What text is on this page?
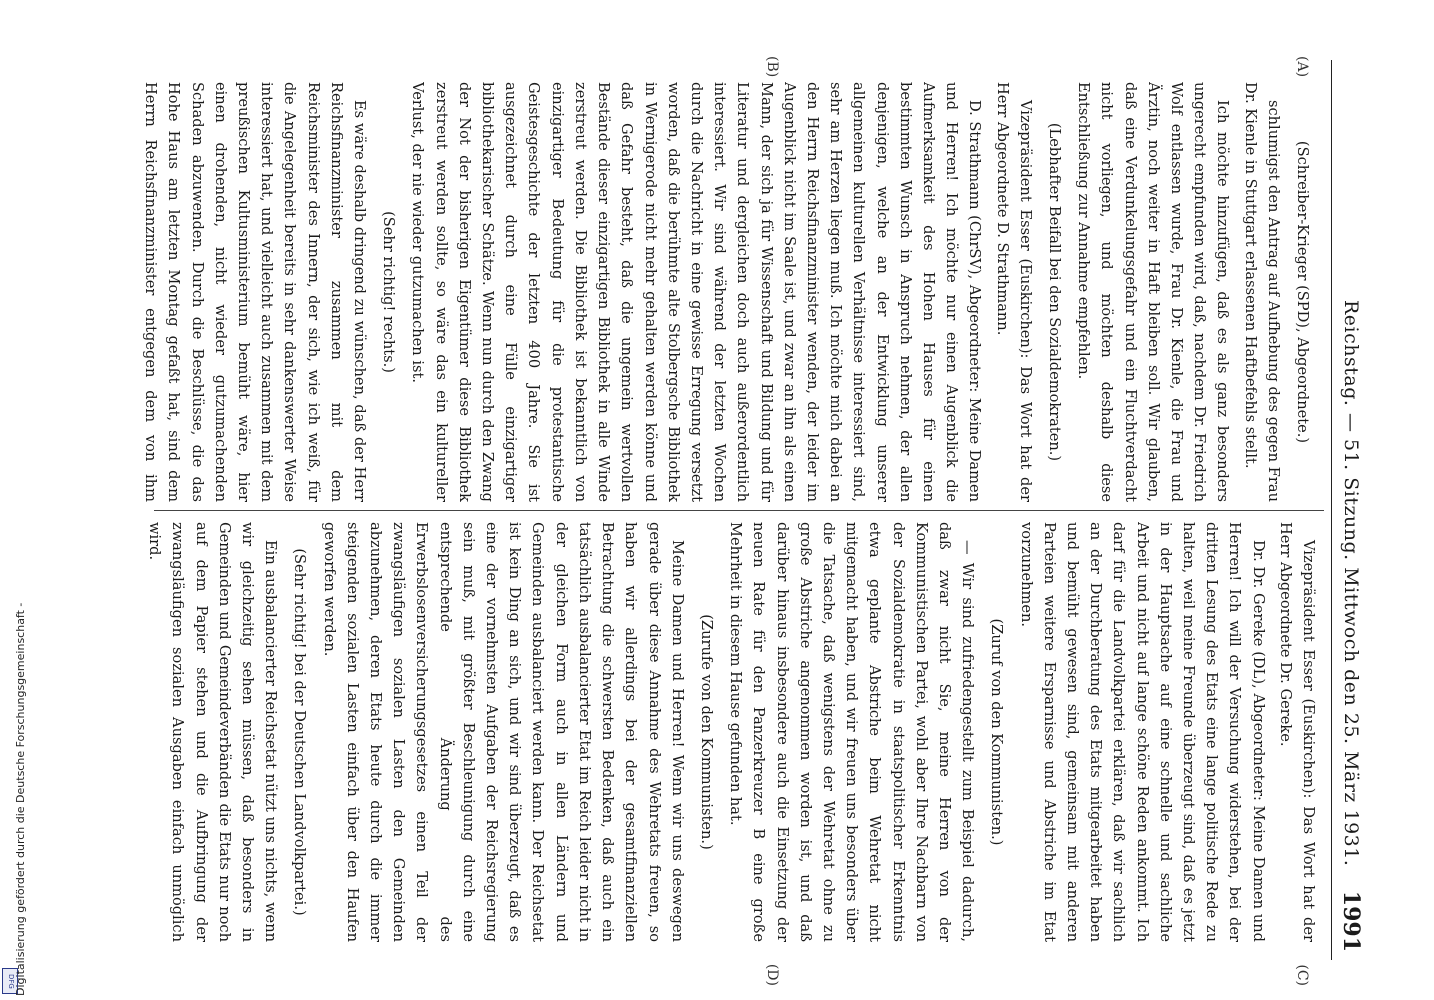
Reichstag. — 51. Sitzung. Mittwoch den 25. März 1931.
1991
(C)
(D)
(A)
(B)

Vizepräsident Esser (Euskirchen): Das Wort hat der Herr Abgeordnete Dr. Gereke.

Dr. Dr. Gereke (DL), Abgeordneter: Meine Damen und Herren! Ich will der Versuchung widerstehen, bei der dritten Lesung des Etats eine lange politische Rede zu halten, weil meine Freunde überzeugt sind, daß es jetzt in der Hauptsache auf eine schnelle und sachliche Arbeit und nicht auf lange schöne Reden ankommt. Ich darf für die Landvolkpartei erklären, daß wir sachlich an der Durchberatung des Etats mitgearbeitet haben und bemüht gewesen sind, gemeinsam mit anderen Parteien weitere Ersparnisse und Abstriche im Etat vorzunehmen.

(Zuruf von den Kommunisten.)

— Wir sind zufriedengestellt zum Beispiel dadurch, daß zwar nicht Sie, meine Herren von der Kommunistischen Partei, wohl aber Ihre Nachbarn von der Sozialdemokratie in staatspolitischer Erkenntnis etwa geplante Abstriche beim Wehretat nicht mitgemacht haben, und wir freuen uns besonders über die Tatsache, daß wenigstens der Wehretat ohne zu große Abstriche angenommen worden ist, und daß darüber hinaus insbesondere auch die Einsetzung der neuen Rate für den Panzerkreuzer B eine große Mehrheit in diesem Hause gefunden hat.

(Zurufe von den Kommunisten.)

Meine Damen und Herren! Wenn wir uns deswegen gerade über diese Annahme des Wehretats freuen, so haben wir allerdings bei der gesamtfinanziellen Betrachtung die schwersten Bedenken, daß auch ein tatsächlich ausbalancierter Etat im Reich leider nicht in der gleichen Form auch in allen Ländern und Gemeinden ausbalanciert werden kann. Der Reichsetat ist kein Ding an sich, und wir sind überzeugt, daß es eine der vornehmsten Aufgaben der Reichsregierung sein muß, mit größter Beschleunigung durch eine entsprechende Änderung des Erwerbslosenversicherungsgesetzes einen Teil der zwangsläufigen sozialen Lasten den Gemeinden abzunehmen, deren Etats heute durch die immer steigenden sozialen Lasten einfach über den Haufen geworfen werden.

(Sehr richtig! bei der Deutschen Landvolkpartei.)

Ein ausbalancierter Reichsetat nützt uns nichts, wenn wir gleichzeitig sehen müssen, daß besonders in Gemeinden und Gemeindeverbänden die Etats nur noch auf dem Papier stehen und die Aufbringung der zwangsläufigen sozialen Ausgaben einfach unmöglich wird.

(Schreiber-Krieger (SPD), Abgeordnete.)

schlumigst den Antrag auf Aufhebung des gegen Frau Dr. Kienle in Stuttgart erlassenen Haftbefehls stellt.

Ich möchte hinzufügen, daß es als ganz besonders ungerecht empfunden wird, daß, nachdem Dr. Friedrich Wolf entlassen wurde, Frau Dr. Kienle, die Frau und Ärztin, noch weiter in Haft bleiben soll. Wir glauben, daß eine Verdunkelungsgefahr und ein Fluchtverdacht nicht vorliegen, und möchten deshalb diese Entschließung zur Annahme empfehlen.

(Lebhafter Beifall bei den Sozialdemokraten.)

Vizepräsident Esser (Euskirchen): Das Wort hat der Herr Abgeordnete D. Strathmann.

D. Strathmann (ChrSV), Abgeordneter: Meine Damen und Herren! Ich möchte nur einen Augenblick die Aufmerksamkeit des Hohen Hauses für einen bestimmten Wunsch in Anspruch nehmen, der allen denjenigen, welche an der Entwicklung unserer allgemeinen kulturellen Verhältnisse interessiert sind, sehr am Herzen liegen muß. Ich möchte mich dabei an den Herrn Reichsfinanzminister wenden, der leider im Augenblick nicht im Saale ist, und zwar an ihn als einen Mann, der sich ja für Wissenschaft und Bildung und für Literatur und dergleichen doch auch außerordentlich interessiert. Wir sind während der letzten Wochen durch die Nachricht in eine gewisse Erregung versetzt worden, daß die berühmte alte Stolbergsche Bibliothek in Wernigerode nicht mehr gehalten werden könne und daß Gefahr besteht, daß die ungemein wertvollen Bestände dieser einzigartigen Bibliothek in alle Winde zerstreut werden. Die Bibliothek ist bekanntlich von einzigartiger Bedeutung für die protestantische Geistesgeschichte der letzten 400 Jahre. Sie ist ausgezeichnet durch eine Fülle einzigartiger bibliothekarischer Schätze. Wenn nun durch den Zwang der Not der bisherigen Eigentümer diese Bibliothek zerstreut werden sollte, so wäre das ein kultureller Verlust, der nie wieder gutzumachen ist.

(Sehr richtig! rechts.)

Es wäre deshalb dringend zu wünschen, daß der Herr Reichsfinanzminister zusammen mit dem Reichsminister des Innern, der sich, wie ich weiß, für die Angelegenheit bereits in sehr dankenswerter Weise interessiert hat, und vielleicht auch zusammen mit dem preußischen Kultusministerium bemüht wäre, hier einen drohenden, nicht wieder gutzumachenden Schaden abzuwenden. Durch die Beschlüsse, die das Hohe Haus am letzten Montag gefaßt hat, sind dem Herrn Reichsfinanzminister entgegen dem von ihm

DFG Digitalisierung gefördert durch die Deutsche Forschungsgemeinschaft -
